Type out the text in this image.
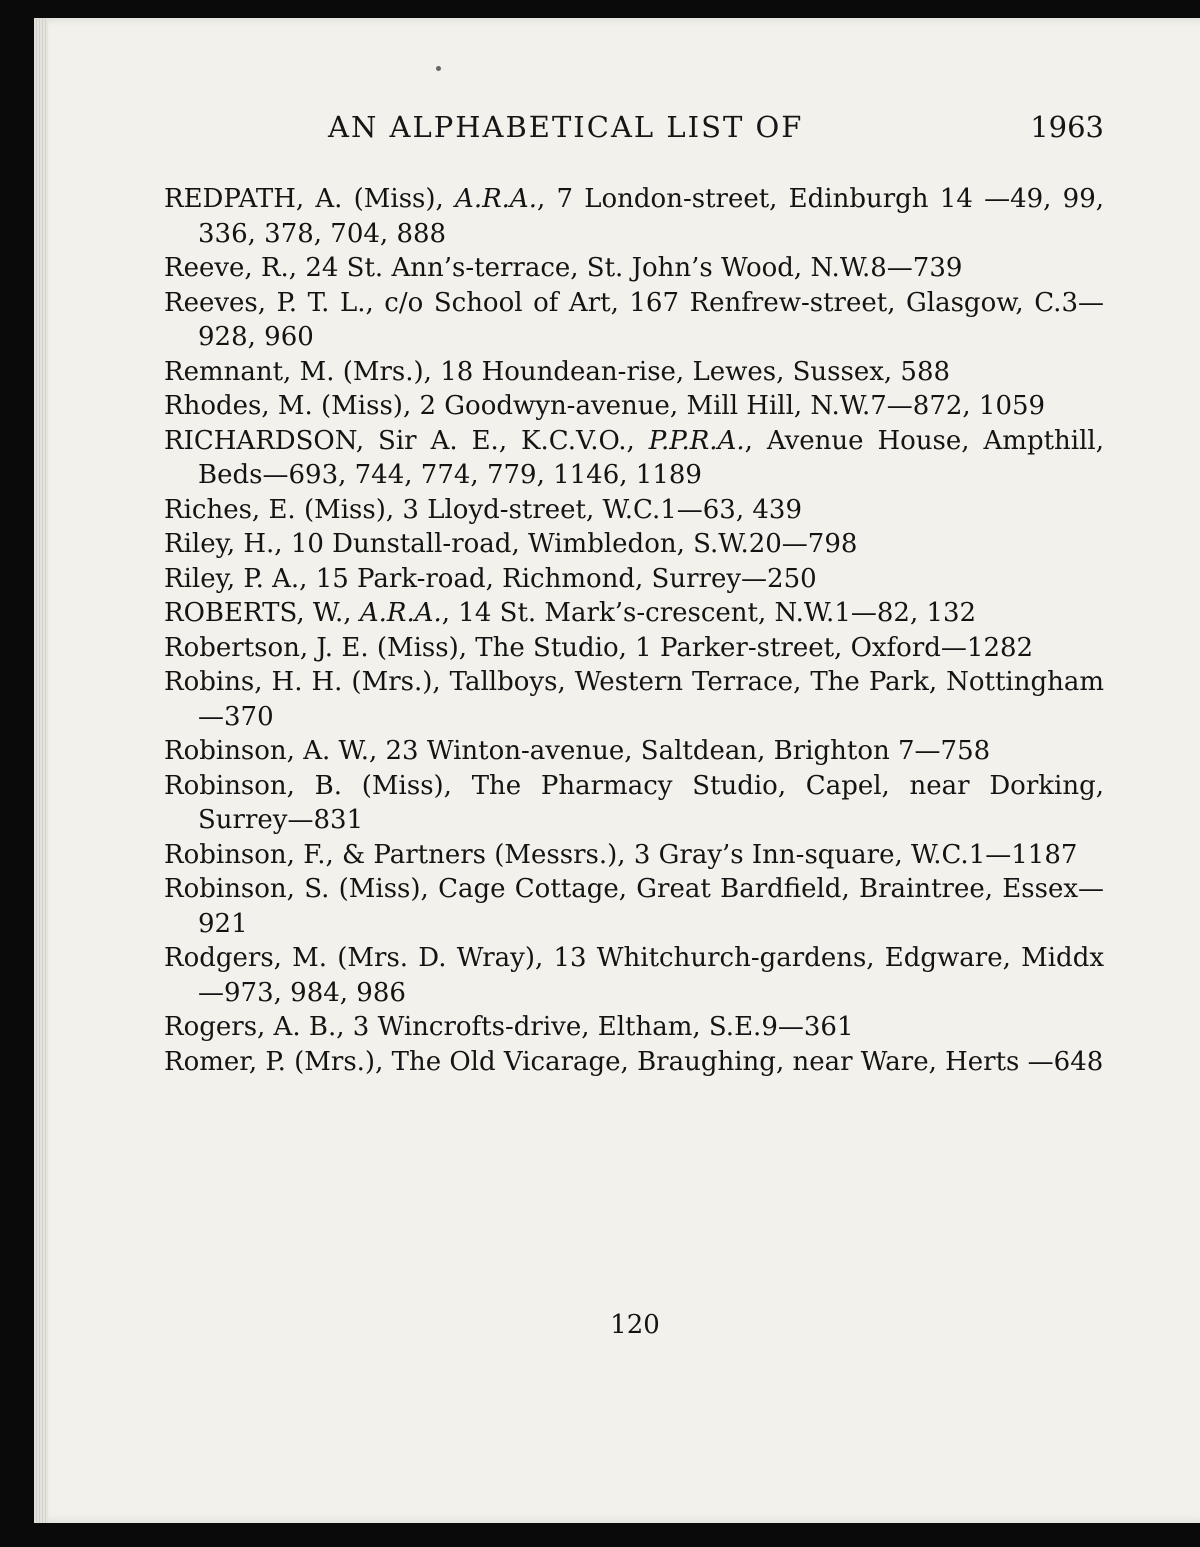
AN ALPHABETICAL LIST OF	1963
REDPATH, A. (Miss), A.R.A., 7 London-street, Edinburgh 14 —49, 99, 336, 378, 704, 888
Reeve, R., 24 St. Ann’s-terrace, St. John’s Wood, N.W.8—739
Reeves, P. T. L., c/o School of Art, 167 Renfrew-street, Glasgow, C.3—928, 960
Remnant, M. (Mrs.), 18 Houndean-rise, Lewes, Sussex, 588
Rhodes, M. (Miss), 2 Goodwyn-avenue, Mill Hill, N.W.7—872, 1059
RICHARDSON, Sir A. E., K.C.V.O., P.P.R.A., Avenue House, Ampthill, Beds—693, 744, 774, 779, 1146, 1189
Riches, E. (Miss), 3 Lloyd-street, W.C.1—63, 439
Riley, H., 10 Dunstall-road, Wimbledon, S.W.20—798
Riley, P. A., 15 Park-road, Richmond, Surrey—250
ROBERTS, W., A.R.A., 14 St. Mark’s-crescent, N.W.1—82, 132
Robertson, J. E. (Miss), The Studio, 1 Parker-street, Oxford—1282
Robins, H. H. (Mrs.), Tallboys, Western Terrace, The Park, Nottingham—370
Robinson, A. W., 23 Winton-avenue, Saltdean, Brighton 7—758
Robinson, B. (Miss), The Pharmacy Studio, Capel, near Dorking, Surrey—831
Robinson, F., & Partners (Messrs.), 3 Gray’s Inn-square, W.C.1—1187
Robinson, S. (Miss), Cage Cottage, Great Bardfield, Braintree, Essex—921
Rodgers, M. (Mrs. D. Wray), 13 Whitchurch-gardens, Edgware, Middx—973, 984, 986
Rogers, A. B., 3 Wincrofts-drive, Eltham, S.E.9—361
Romer, P. (Mrs.), The Old Vicarage, Braughing, near Ware, Herts —648
120
